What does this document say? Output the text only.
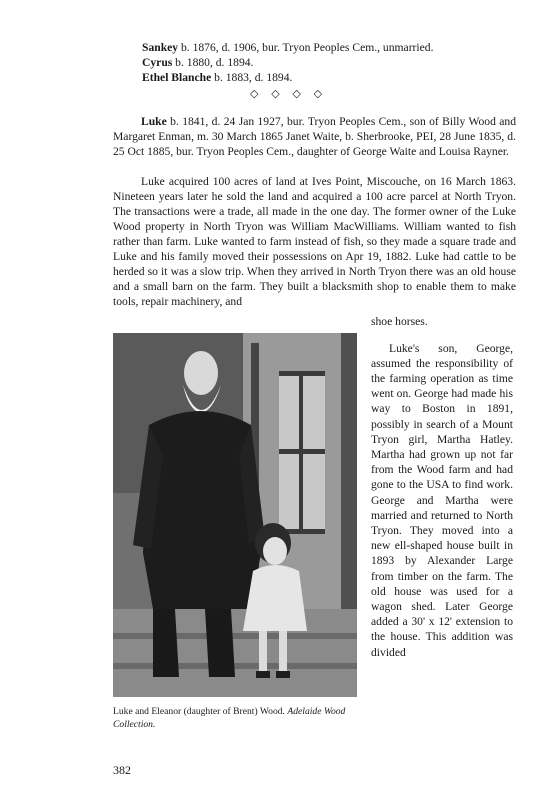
Sankey b. 1876, d. 1906, bur. Tryon Peoples Cem., unmarried.
Cyrus b. 1880, d. 1894.
Ethel Blanche b. 1883, d. 1894.
◇ ◇ ◇ ◇

Luke b. 1841, d. 24 Jan 1927, bur. Tryon Peoples Cem., son of Billy Wood and Margaret Enman, m. 30 March 1865 Janet Waite, b. Sherbrooke, PEI, 28 June 1835, d. 25 Oct 1885, bur. Tryon Peoples Cem., daughter of George Waite and Louisa Rayner.

Luke acquired 100 acres of land at Ives Point, Miscouche, on 16 March 1863. Nineteen years later he sold the land and acquired a 100 acre parcel at North Tryon. The transactions were a trade, all made in the one day. The former owner of the Luke Wood property in North Tryon was William MacWilliams. William wanted to fish rather than farm. Luke wanted to farm instead of fish, so they made a square trade and Luke and his family moved their possessions on Apr 19, 1882. Luke had cattle to be herded so it was a slow trip. When they arrived in North Tryon there was an old house and a small barn on the farm. They built a blacksmith shop to enable them to make tools, repair machinery, and

shoe horses.
Luke and Eleanor (daughter of Brent) Wood. Adelaide Wood Collection.

Luke's son, George, assumed the responsibility of the farming operation as time went on. George had made his way to Boston in 1891, possibly in search of a Mount Tryon girl, Martha Hatley. Martha had grown up not far from the Wood farm and had gone to the USA to find work. George and Martha were married and returned to North Tryon. They moved into a new ell-shaped house built in 1893 by Alexander Large from timber on the farm. The old house was used for a wagon shed. Later George added a 30' x 12' extension to the house. This addition was divided

382
